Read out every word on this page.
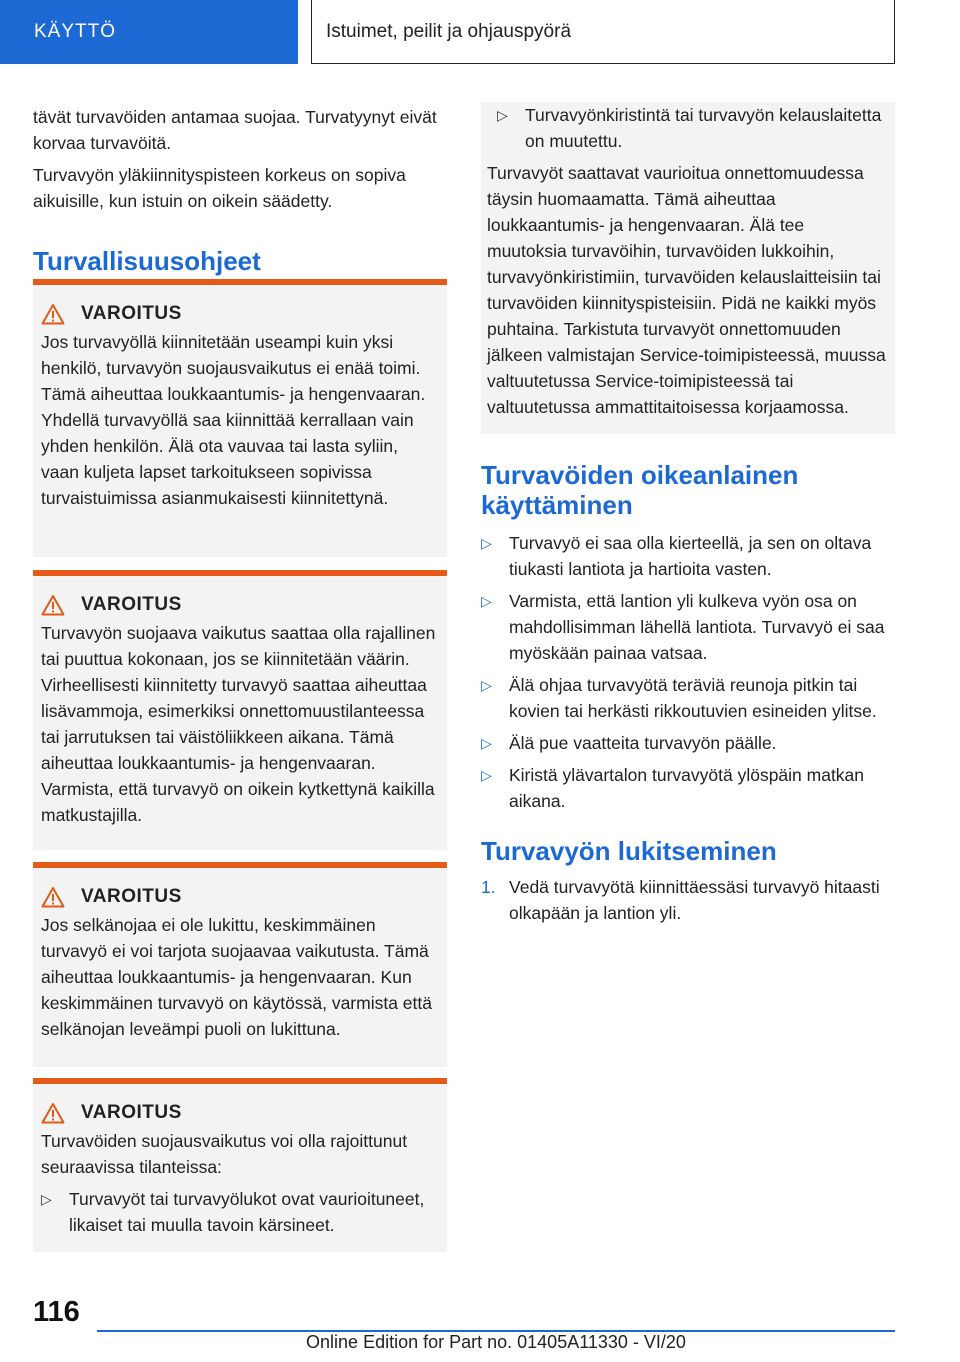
KÄYTTÖ	Istuimet, peilit ja ohjauspyörä

tävät turvavöiden antamaa suojaa. Turvatyynyt eivät korvaa turvavöitä.

Turvavyön yläkiinnityspisteen korkeus on sopiva aikuisille, kun istuin on oikein säädetty.

Turvallisuusohjeet
VAROITUS

Jos turvavyöllä kiinnitetään useampi kuin yksi henkilö, turvavyön suojausvaikutus ei enää toimi. Tämä aiheuttaa loukkaantumis- ja hengenvaaran. Yhdellä turvavyöllä saa kiinnittää kerrallaan vain yhden henkilön. Älä ota vauvaa tai lasta syliin, vaan kuljeta lapset tarkoitukseen sopivissa turvaistuimissa asianmukaisesti kiinnitettynä.

VAROITUS

Turvavyön suojaava vaikutus saattaa olla rajallinen tai puuttua kokonaan, jos se kiinnitetään väärin. Virheellisesti kiinnitetty turvavyö saattaa aiheuttaa lisävammoja, esimerkiksi onnettomuustilanteessa tai jarrutuksen tai väistöliikkeen aikana. Tämä aiheuttaa loukkaantumis- ja hengenvaaran. Varmista, että turvavyö on oikein kytkettynä kaikilla matkustajilla.

VAROITUS

Jos selkänojaa ei ole lukittu, keskimmäinen turvavyö ei voi tarjota suojaavaa vaikutusta. Tämä aiheuttaa loukkaantumis- ja hengenvaaran. Kun keskimmäinen turvavyö on käytössä, varmista että selkänojan leveämpi puoli on lukittuna.

VAROITUS

Turvavöiden suojausvaikutus voi olla rajoittunut seuraavissa tilanteissa:

▷ Turvavyöt tai turvavyölukot ovat vaurioituneet, likaiset tai muulla tavoin kärsineet.
▷ Turvavyönkiristintä tai turvavyön kelauslaitetta on muutettu.

Turvavyöt saattavat vaurioitua onnettomuudessa täysin huomaamatta. Tämä aiheuttaa loukkaantumis- ja hengenvaaran. Älä tee muutoksia turvavöihin, turvavöiden lukkoihin, turvavyönkiristimiin, turvavöiden kelauslaitteisiin tai turvavöiden kiinnityspisteisiin. Pidä ne kaikki myös puhtaina. Tarkistuta turvavyöt onnettomuuden jälkeen valmistajan Service-toimipisteessä, muussa valtuutetussa Service-toimipisteessä tai valtuutetussa ammattitaitoisessa korjaamossa.

Turvavöiden oikeanlainen käyttäminen
▷ Turvavyö ei saa olla kierteellä, ja sen on oltava tiukasti lantiota ja hartioita vasten.
▷ Varmista, että lantion yli kulkeva vyön osa on mahdollisimman lähellä lantiota. Turvavyö ei saa myöskään painaa vatsaa.
▷ Älä ohjaa turvavyötä teräviä reunoja pitkin tai kovien tai herkästi rikkoutuvien esineiden ylitse.
▷ Älä pue vaatteita turvavyön päälle.
▷ Kiristä ylävartalon turvavyötä ylöspäin matkan aikana.
Turvavyön lukitseminen
1. Vedä turvavyötä kiinnittäessäsi turvavyö hitaasti olkapään ja lantion yli.
116
Online Edition for Part no. 01405A11330 - VI/20
